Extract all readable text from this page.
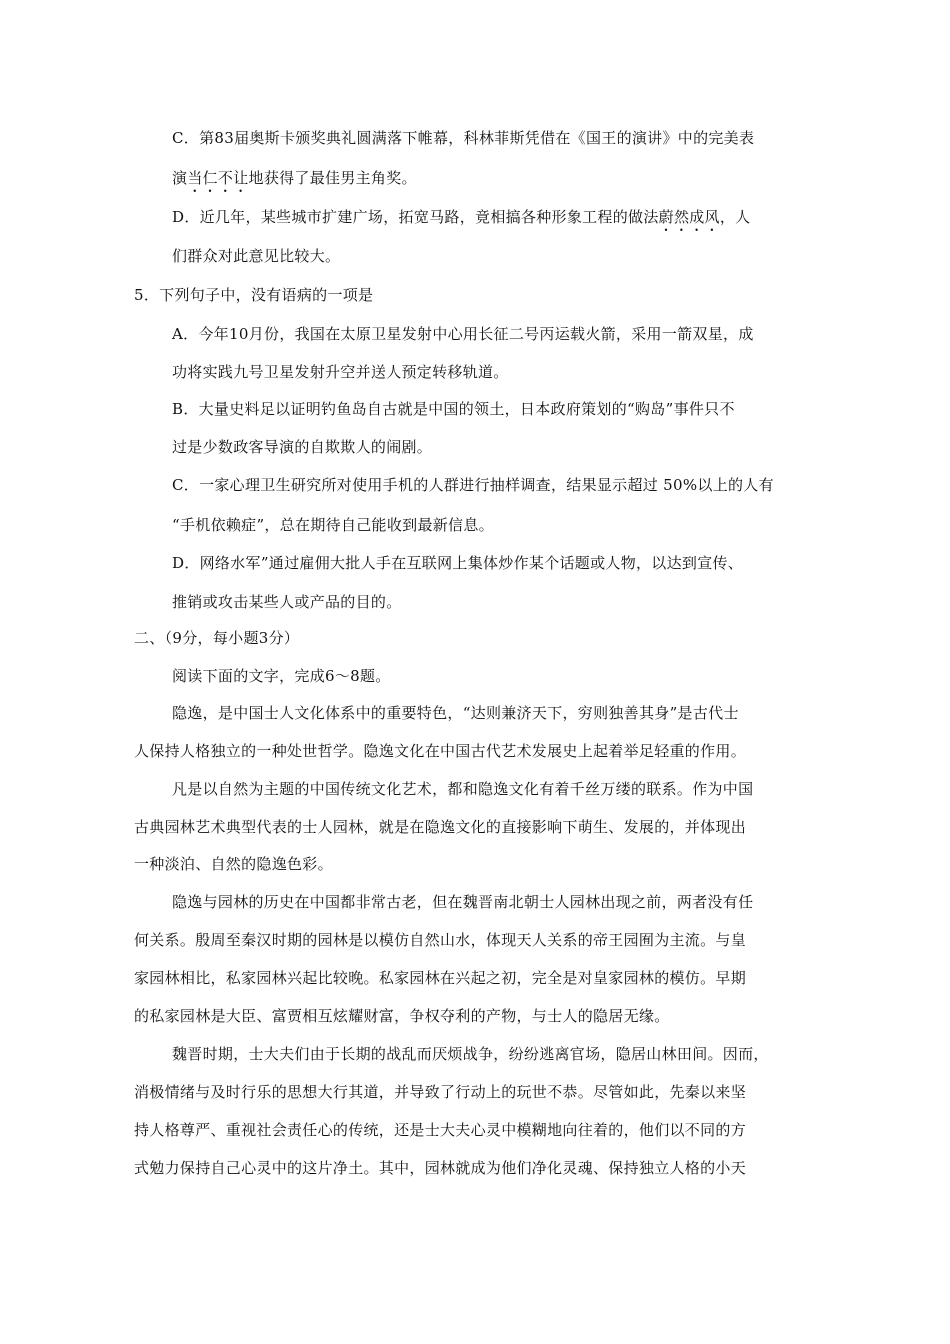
C．第83届奥斯卡颁奖典礼圆满落下帷幕，科林菲斯凭借在《国王的演讲》中的完美表
演当仁不让地获得了最佳男主角奖。
D．近几年，某些城市扩建广场，拓宽马路，竟相搞各种形象工程的做法蔚然成风，人
们群众对此意见比较大。
5．下列句子中，没有语病的一项是
A．今年10月份，我国在太原卫星发射中心用长征二号丙运载火箭，采用一箭双星，成
功将实践九号卫星发射升空并送人预定转移轨道。
B．大量史料足以证明钓鱼岛自古就是中国的领土，日本政府策划的“购岛”事件只不
过是少数政客导演的自欺欺人的闹剧。
C．一家心理卫生研究所对使用手机的人群进行抽样调查，结果显示超过 50%以上的人有
“手机依赖症”，总在期待自己能收到最新信息。
D．网络水军”通过雇佣大批人手在互联网上集体炒作某个话题或人物，以达到宣传、
推销或攻击某些人或产品的目的。
二、（9分，每小题3分）
阅读下面的文字，完成6～8题。
隐逸，是中国士人文化体系中的重要特色，“达则兼济天下，穷则独善其身”是古代士
人保持人格独立的一种处世哲学。隐逸文化在中国古代艺术发展史上起着举足轻重的作用。
凡是以自然为主题的中国传统文化艺术，都和隐逸文化有着千丝万缕的联系。作为中国
古典园林艺术典型代表的士人园林，就是在隐逸文化的直接影响下萌生、发展的，并体现出
一种淡泊、自然的隐逸色彩。
隐逸与园林的历史在中国都非常古老，但在魏晋南北朝士人园林出现之前，两者没有任
何关系。殷周至秦汉时期的园林是以模仿自然山水，体现天人关系的帝王园囿为主流。与皇
家园林相比，私家园林兴起比较晚。私家园林在兴起之初，完全是对皇家园林的模仿。早期
的私家园林是大臣、富贾相互炫耀财富，争权夺利的产物，与士人的隐居无缘。
魏晋时期，士大夫们由于长期的战乱而厌烦战争，纷纷逃离官场，隐居山林田间。因而，
消极情绪与及时行乐的思想大行其道，并导致了行动上的玩世不恭。尽管如此，先秦以来坚
持人格尊严、重视社会责任心的传统，还是士大夫心灵中模糊地向往着的，他们以不同的方
式勉力保持自己心灵中的这片净土。其中，园林就成为他们净化灵魂、保持独立人格的小天
